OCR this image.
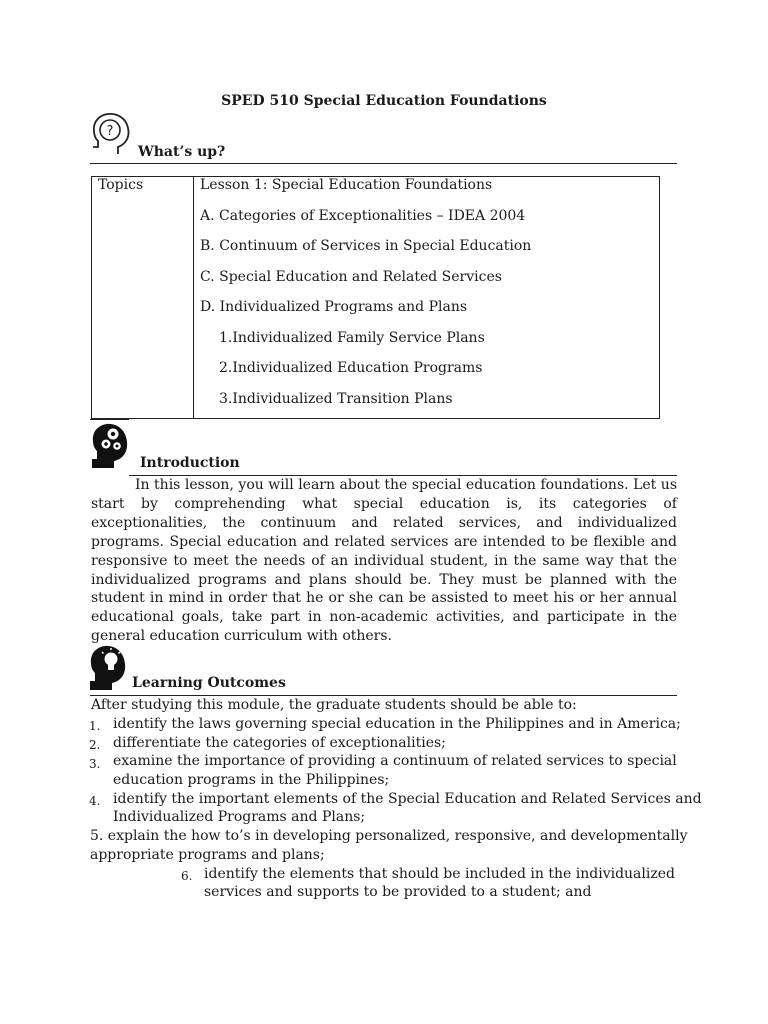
SPED 510 Special Education Foundations
?
What’s up?
Topics	Lesson 1: Special Education Foundations
A. Categories of Exceptionalities – IDEA 2004
B. Continuum of Services in Special Education
C. Special Education and Related Services
D. Individualized Programs and Plans
1.Individualized Family Service Plans
2.Individualized Education Programs
3.Individualized Transition Plans
Introduction
In this lesson, you will learn about the special education foundations. Let us start by comprehending what special education is, its categories of exceptionalities, the continuum and related services, and individualized programs. Special education and related services are intended to be flexible and responsive to meet the needs of an individual student, in the same way that the individualized programs and plans should be. They must be planned with the student in mind in order that he or she can be assisted to meet his or her annual educational goals, take part in non-academic activities, and participate in the general education curriculum with others.
Learning Outcomes
After studying this module, the graduate students should be able to:
1. identify the laws governing special education in the Philippines and in America;
2. differentiate the categories of exceptionalities;
3. examine the importance of providing a continuum of related services to special
education programs in the Philippines;
4. identify the important elements of the Special Education and Related Services and
Individualized Programs and Plans;
5. explain the how to’s in developing personalized, responsive, and developmentally
appropriate programs and plans;
6. identify the elements that should be included in the individualized
services and supports to be provided to a student; and
